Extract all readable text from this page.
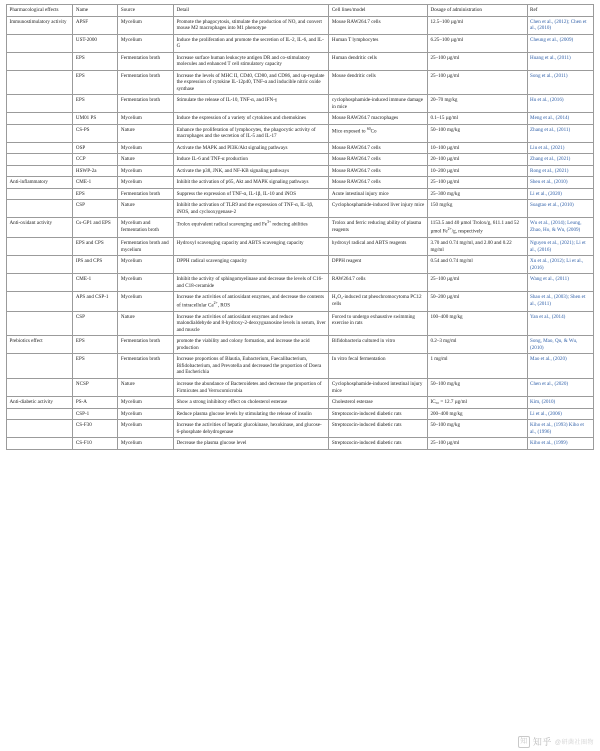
Pharmacological effects	Name	Source	Detail	Cell lines/model	Dosage of administration	Ref
Immunostimulatory activity	APSF	Mycelium	Promote the phagocytosis, stimulate the production of NO, and convert mouse M2 macrophages into M1 phenotype	Mouse RAW264.7 cells	12.5–100 µg/ml	Chen et al., (2012); Chen et al., (2010)
	UST-2000	Mycelium	Induce the proliferation and promote the secretion of IL-2, IL-6, and IL-G	Human T lymphocytes	6.25–100 µg/ml	Cheung et al., (2009)
	EPS	Fermentation broth	Increase surface human leukocyte antigen DR and co-stimulatory molecules and enhanced T cell stimulatory capacity	Human dendritic cells	25–100 µg/ml	Huang et al., (2011)
	EPS	Fermentation broth	Increase the levels of MHC II, CD40, CD80, and CD86, and up-regulate the expression of cytokine IL-12p40, TNF-α and inducible nitric oxide synthase	Mouse dendritic cells	25–100 µg/ml	Song et al., (2011)
	EPS	Fermentation broth	Stimulate the release of IL-10, TNF-α, and IFN-γ	cyclophosphamide-induced immune damage in mice	20–70 mg/kg	Hu et al., (2016)
	UM01 PS	Mycelium	Induce the expression of a variety of cytokines and chemokines	Mouse RAW264.7 macrophages	0.1–15 µg/ml	Meng et al., (2014)
	CS-PS	Nature	Enhance the proliferation of lymphocytes, the phagocytic activity of macrophages and the secretion of IL-5 and IL-17	Mice exposed to $^{60}$Co	50–100 mg/kg	Zhang et al., (2011)
	OSP	Mycelium	Activate the MAPK and PI3K/Akt signaling pathways	Mouse RAW264.7 cells	10–100 µg/ml	Liu et al., (2021)
	CCP	Nature	Induce IL-6 and TNF-α production	Mouse RAW264.7 cells	20–100 µg/ml	Zhang et al., (2021)
	HSWP-2a	Mycelium	Activate the p38, JNK, and NF-KB signaling pathways	Mouse RAW264.7 cells	10–200 µg/ml	Rong et al., (2021)
Anti-inflammatory	CME-1	Mycelium	Inhibit the activation of p65, Akt and MAPK signaling pathways	Mouse RAW264.7 cells	25–100 µg/ml	Sheu et al., (2010)
	EPS	Fermentation broth	Suppress the expression of TNF-α, IL-1β, IL-10 and iNOS	Acute intestinal injury mice	25–300 mg/kg	Li et al., (2020)
	CSP	Nature	Inhibit the activation of TLR9 and the expression of TNF-α, IL-1β, iNOS, and cyclooxygenase-2	Cyclophosphamide-induced liver injury mice	150 mg/kg	Soagtao et al., (2010)
Anti-oxidant activity	Cs-GP1 and EPS	Mycelium and fermentation broth	Trolox equivalent radical scavenging and $Fe^{3+}$ reducing abilities	Trolox and ferric reducing ability of plasma reagents	1153.5 and 40 µmol Trolox/g, 611.1 and 52 µmol $Fe^{2+}/g$, respectively	Wu et al., (2014); Leung, Zhao, Ho, & Wu, (2009)
	EPS and CPS	Fermentation broth and mycelium	Hydroxyl scavenging capacity and ABTS scavenging capacity	hydroxyl radical and ABTS reagents	3.70 and 0.74 mg/ml, and 2.00 and 0.22 mg/ml	Nguyen et al., (2021); Li et al., (2016)
	IPS and CPS	Mycelium	DPPH radical scavenging capacity	DPPH reagent	0.54 and 0.74 mg/ml	Xu et al., (2012); Li et al., (2016)
	CME-1	Mycelium	Inhibit the activity of sphingomyelinase and decrease the levels of C16- and C18-ceramide	RAW264.7 cells	25–100 µg/ml	Wang et al., (2011)
	APS and CSP-1	Mycelium	Increase the activities of antioxidant enzymes, and decrease the contents of intracellular $Ca^{2+}$, ROS	H₂O₂-induced rat pheochromocytoma PC12 cells	50–200 µg/ml	Shao et al., (2003); Shen et al., (2011)
	CSP	Nature	Increase the activities of antioxidant enzymes and reduce malondialdehyde and 8-hydroxy-2-deoxyguanosine levels in serum, liver and muscle	Forced to undergo exhaustive swimming exercise in rats	100–400 mg/kg	Yan et al., (2014)
Prebiotics effect	EPS	Fermentation broth	promote the viability and colony formation, and increase the acid production	Bifidobacteria cultured in vitro	0.2–3 mg/ml	Song, Mao, Qu, & Wu, (2010)
	EPS	Fermentation broth	Increase proportions of Blautia, Eubacterium, Faecalibacterium, Bifidobacterium, and Prevotella and decreased the proportion of Doera and Escherichia	In vitro fecal fermentation	1 mg/ml	Mao et al., (2020)
	NCSP	Nature	increase the abundance of Bacteroidetes and decrease the proportion of Firmicutes and Verrucomicrobia	Cyclophosphamide-induced intestinal injury mice	50–100 mg/kg	Chen et al., (2020)
Anti-diabetic activity	PS-A	Mycelium	Show a strong inhibitory effect on cholesterol esterase	Cholesterol esterase	IC₅₀ = 12.7 µg/ml	Kim, (2010)
	CSP-1	Mycelium	Reduce plasma glucose levels by stimulating the release of insulin	Streptozocin-induced diabetic rats	200–400 mg/kg	Li et al., (2006)
	CS-F30	Mycelium	Increase the activities of hepatic glucokinase, hexokinase, and glucose-6-phosphate dehydrogenase	Streptozocin-induced diabetic rats	50–100 mg/kg	Kiho et al., (1993) Kiho et al., (1996)
	CS-F10	Mycelium	Decrease the plasma glucose level	Streptozocin-induced diabetic rats	25–100 µg/ml	Kiho et al., (1999)
知 知乎 @研菌社圈物
